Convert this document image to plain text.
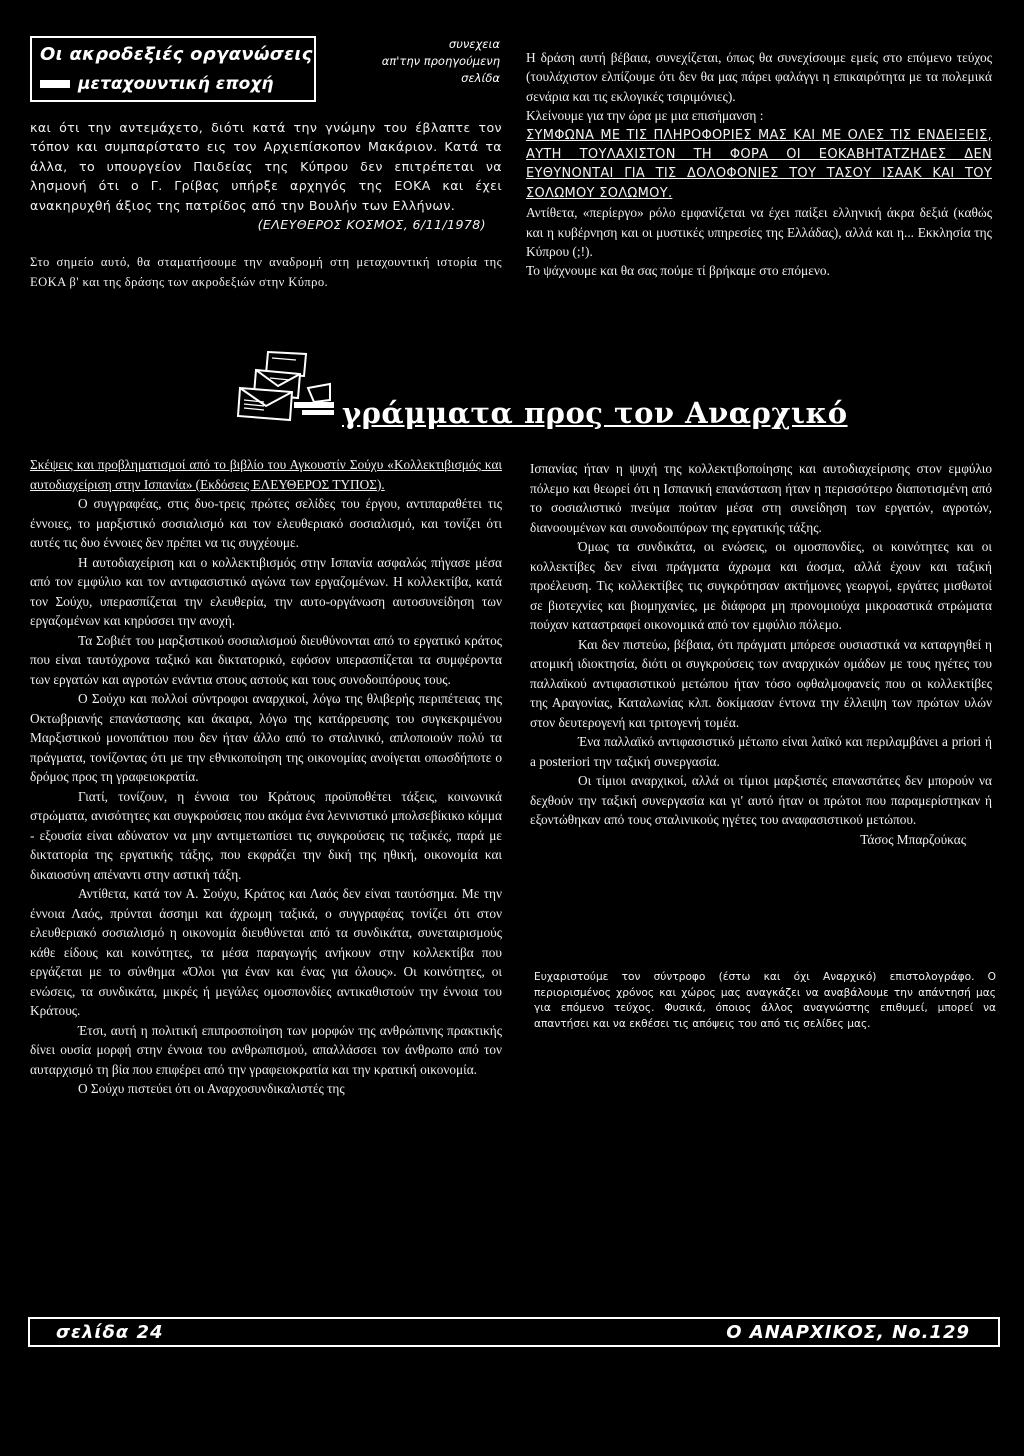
Οι ακροδεξιές οργανώσεις
μεταχουντική εποχή
συνεχεια
απ'την προηγούμενη
σελίδα

και ότι την αντεμάχετο, διότι κατά την γνώμην του έβλαπτε τον τόπον και συμπαρίστατο εις τον Αρχιεπίσκοπον Μακάριον. Κατά τα άλλα, το υπουργείον Παιδείας της Κύπρου δεν επιτρέπεται να λησμονή ότι ο Γ. Γρίβας υπήρξε αρχηγός της ΕΟΚΑ και έχει ανακηρυχθή άξιος της πατρίδος από την Βουλήν των Ελλήνων.

(ΕΛΕΥΘΕΡΟΣ ΚΟΣΜΟΣ, 6/11/1978)

Στο σημείο αυτό, θα σταματήσουμε την αναδρομή στη μεταχουντική ιστορία της ΕΟΚΑ β' και της δράσης των ακροδεξιών στην Κύπρο.

Η δράση αυτή βέβαια, συνεχίζεται, όπως θα συνεχίσουμε εμείς στο επόμενο τεύχος (τουλάχιστον ελπίζουμε ότι δεν θα μας πάρει φαλάγγι η επικαιρότητα με τα πολεμικά σενάρια και τις εκλογικές τσιριμόνιες).

Κλείνουμε για την ώρα με μια επισήμανση :

ΣΥΜΦΩΝΑ ΜΕ ΤΙΣ ΠΛΗΡΟΦΟΡΙΕΣ ΜΑΣ ΚΑΙ ΜΕ ΟΛΕΣ ΤΙΣ ΕΝΔΕΙΞΕΙΣ, ΑΥΤΗ ΤΟΥΛΑΧΙΣΤΟΝ ΤΗ ΦΟΡΑ ΟΙ ΕΟΚΑΒΗΤΑΤΖΗΔΕΣ ΔΕΝ ΕΥΘΥΝΟΝΤΑΙ ΓΙΑ ΤΙΣ ΔΟΛΟΦΟΝΙΕΣ ΤΟΥ ΤΑΣΟΥ ΙΣΑΑΚ ΚΑΙ ΤΟΥ ΣΟΛΩΜΟΥ ΣΟΛΩΜΟΥ.

Αντίθετα, «περίεργο» ρόλο εμφανίζεται να έχει παίξει ελληνική άκρα δεξιά (καθώς και η κυβέρνηση και οι μυστικές υπηρεσίες της Ελλάδας), αλλά και η... Εκκλησία της Κύπρου (;!).

Το ψάχνουμε και θα σας πούμε τί βρήκαμε στο επόμενο.

γράμματα προς τον Αναρχικό

Σκέψεις και προβληματισμοί από το βιβλίο του Αγκουστίν Σούχυ «Κολλεκτιβισμός και αυτοδιαχείριση στην Ισπανία» (Εκδόσεις ΕΛΕΥΘΕΡΟΣ ΤΥΠΟΣ).

Ο συγγραφέας, στις δυο-τρεις πρώτες σελίδες του έργου, αντιπαραθέτει τις έννοιες, το μαρξιστικό σοσιαλισμό και τον ελευθεριακό σοσιαλισμό, και τονίζει ότι αυτές τις δυο έννοιες δεν πρέπει να τις συγχέουμε.

Η αυτοδιαχείριση και ο κολλεκτιβισμός στην Ισπανία ασφαλώς πήγασε μέσα από τον εμφύλιο και τον αντιφασιστικό αγώνα των εργαζομένων. Η κολλεκτίβα, κατά τον Σούχυ, υπερασπίζεται την ελευθερία, την αυτο-οργάνωση αυτοσυνείδηση των εργαζομένων και κηρύσσει την ανοχή.

Τα Σοβιέτ του μαρξιστικού σοσιαλισμού διευθύνονται από το εργατικό κράτος που είναι ταυτόχρονα ταξικό και δικτατορικό, εφόσον υπερασπίζεται τα συμφέροντα των εργατών και αγροτών ενάντια στους αστούς και τους συνοδοιπόρους τους.

Ο Σούχυ και πολλοί σύντροφοι αναρχικοί, λόγω της θλιβερής περιπέτειας της Οκτωβριανής επανάστασης και άκαιρα, λόγω της κατάρρευσης του συγκεκριμένου Μαρξιστικού μονοπάτιου που δεν ήταν άλλο από το σταλινικό, απλοποιούν πολύ τα πράγματα, τονίζοντας ότι με την εθνικοποίηση της οικονομίας ανοίγεται οπωσδήποτε ο δρόμος προς τη γραφειοκρατία.

Γιατί, τονίζουν, η έννοια του Κράτους προϋποθέτει τάξεις, κοινωνικά στρώματα, ανισότητες και συγκρούσεις που ακόμα ένα λενινιστικό μπολσεβίκικο κόμμα - εξουσία είναι αδύνατον να μην αντιμετωπίσει τις συγκρούσεις τις ταξικές, παρά με δικτατορία της εργατικής τάξης, που εκφράζει την δική της ηθική, οικονομία και δικαιοσύνη απέναντι στην αστική τάξη.

Αντίθετα, κατά τον Α. Σούχυ, Κράτος και Λαός δεν είναι ταυτόσημα. Με την έννοια Λαός, πρύνται άσσημι και άχρωμη ταξικά, ο συγγραφέας τονίζει ότι στον ελευθεριακό σοσιαλισμό η οικονομία διευθύνεται από τα συνδικάτα, συνεταιρισμούς κάθε είδους και κοινότητες, τα μέσα παραγωγής ανήκουν στην κολλεκτίβα που εργάζεται με το σύνθημα «Όλοι για έναν και ένας για όλους». Οι κοινότητες, οι ενώσεις, τα συνδικάτα, μικρές ή μεγάλες ομοσπονδίες αντικαθιστούν την έννοια του Κράτους.

Έτσι, αυτή η πολιτική επιπροσποίηση των μορφών της ανθρώπινης πρακτικής δίνει ουσία μορφή στην έννοια του ανθρωπισμού, απαλλάσσει τον άνθρωπο από τον αυταρχισμό τη βία που επιφέρει από την γραφειοκρατία και την κρατική οικονομία.

Ο Σούχυ πιστεύει ότι οι Αναρχοσυνδικαλιστές της

Ισπανίας ήταν η ψυχή της κολλεκτιβοποίησης και αυτοδιαχείρισης στον εμφύλιο πόλεμο και θεωρεί ότι η Ισπανική επανάσταση ήταν η περισσότερο διαποτισμένη από το σοσιαλιστικό πνεύμα πούταν μέσα στη συνείδηση των εργατών, αγροτών, διανοουμένων και συνοδοιπόρων της εργατικής τάξης.

Όμως τα συνδικάτα, οι ενώσεις, οι ομοσπονδίες, οι κοινότητες και οι κολλεκτίβες δεν είναι πράγματα άχρωμα και άοσμα, αλλά έχουν και ταξική προέλευση. Τις κολλεκτίβες τις συγκρότησαν ακτήμονες γεωργοί, εργάτες μισθωτοί σε βιοτεχνίες και βιομηχανίες, με διάφορα μη προνομιούχα μικροαστικά στρώματα πούχαν καταστραφεί οικονομικά από τον εμφύλιο πόλεμο.

Και δεν πιστεύω, βέβαια, ότι πράγματι μπόρεσε ουσιαστικά να καταργηθεί η ατομική ιδιοκτησία, διότι οι συγκρούσεις των αναρχικών ομάδων με τους ηγέτες του παλλαϊκού αντιφασιστικού μετώπου ήταν τόσο οφθαλμοφανείς που οι κολλεκτίβες της Αραγονίας, Καταλωνίας κλπ. δοκίμασαν έντονα την έλλειψη των πρώτων υλών στον δευτερογενή και τριτογενή τομέα.

Ένα παλλαϊκό αντιφασιστικό μέτωπο είναι λαϊκό και περιλαμβάνει a priori ή a posteriori την ταξική συνεργασία.

Οι τίμιοι αναρχικοί, αλλά οι τίμιοι μαρξιστές επαναστάτες δεν μπορούν να δεχθούν την ταξική συνεργασία και γι' αυτό ήταν οι πρώτοι που παραμερίστηκαν ή εξοντώθηκαν από τους σταλινικούς ηγέτες του αναφασιστικού μετώπου.

Τάσος Μπαρζούκας

Ευχαριστούμε τον σύντροφο (έστω και όχι Αναρχικό) επιστολογράφο. Ο περιορισμένος χρόνος και χώρος μας αναγκάζει να αναβάλουμε την απάντησή μας για επόμενο τεύχος. Φυσικά, όποιος άλλος αναγνώστης επιθυμεί, μπορεί να απαντήσει και να εκθέσει τις απόψεις του από τις σελίδες μας.
σελίδα 24	Ο ΑΝΑΡΧΙΚΟΣ, Νο.129
